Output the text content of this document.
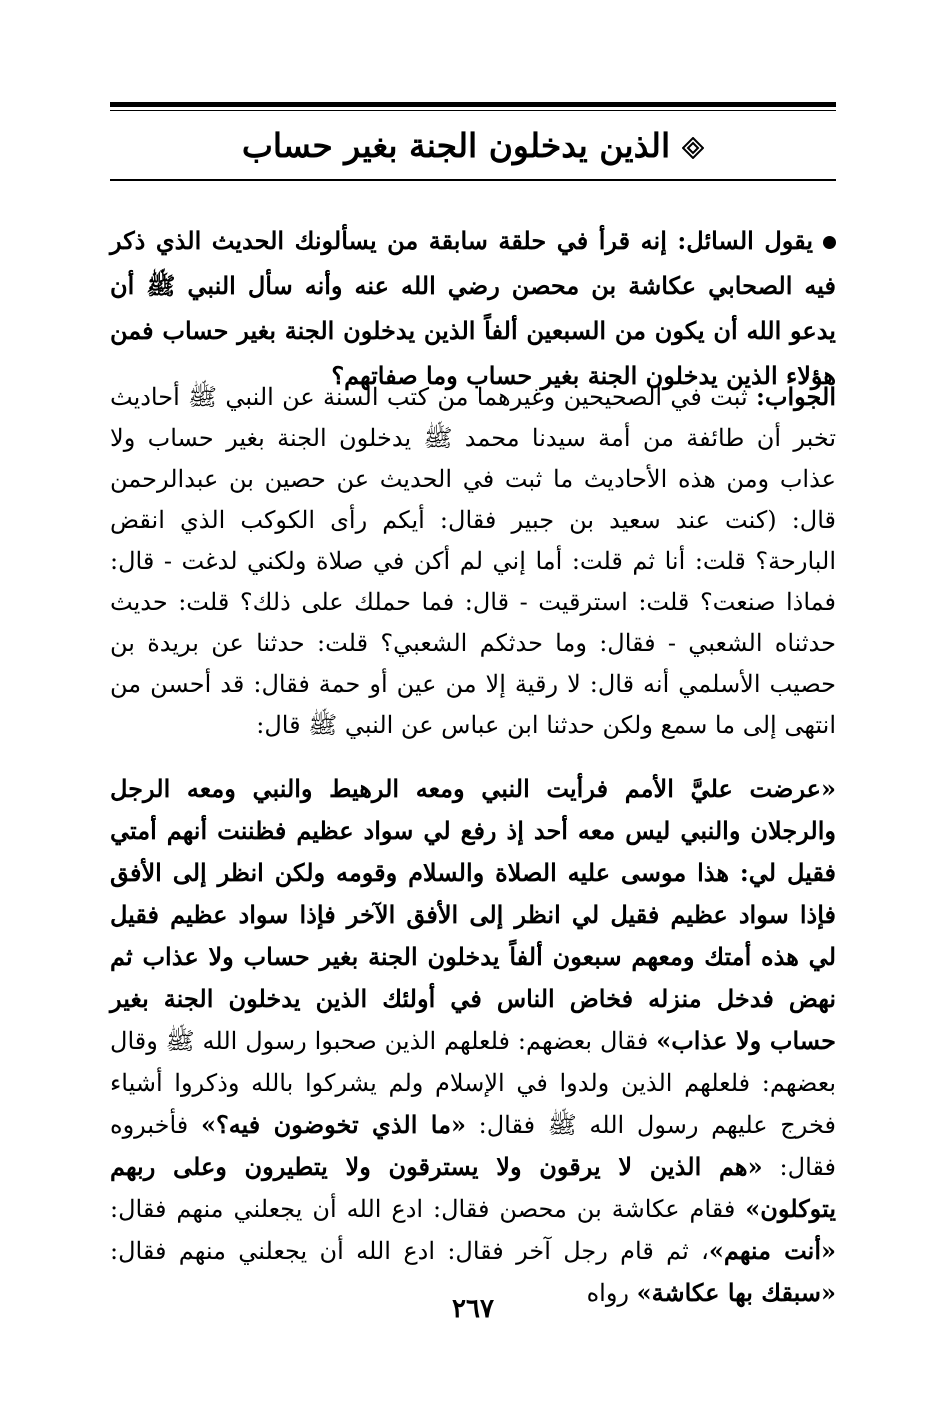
الذين يدخلون الجنة بغير حساب
يقول السائل: إنه قرأ في حلقة سابقة من يسألونك الحديث الذي ذكر فيه الصحابي عكاشة بن محصن رضي الله عنه وأنه سأل النبي ﷺ أن يدعو الله أن يكون من السبعين ألفاً الذين يدخلون الجنة بغير حساب فمن هؤلاء الذين يدخلون الجنة بغير حساب وما صفاتهم؟
الجواب: ثبت في الصحيحين وغيرهما من كتب السنة عن النبي ﷺ أحاديث تخبر أن طائفة من أمة سيدنا محمد ﷺ يدخلون الجنة بغير حساب ولا عذاب ومن هذه الأحاديث ما ثبت في الحديث عن حصين بن عبدالرحمن قال: (كنت عند سعيد بن جبير فقال: أيكم رأى الكوكب الذي انقض البارحة؟ قلت: أنا ثم قلت: أما إني لم أكن في صلاة ولكني لدغت - قال: فماذا صنعت؟ قلت: استرقيت - قال: فما حملك على ذلك؟ قلت: حديث حدثناه الشعبي - فقال: وما حدثكم الشعبي؟ قلت: حدثنا عن بريدة بن حصيب الأسلمي أنه قال: لا رقية إلا من عين أو حمة فقال: قد أحسن من انتهى إلى ما سمع ولكن حدثنا ابن عباس عن النبي ﷺ قال:
«عرضت عليَّ الأمم فرأيت النبي ومعه الرهيط والنبي ومعه الرجل والرجلان والنبي ليس معه أحد إذ رفع لي سواد عظيم فظننت أنهم أمتي فقيل لي: هذا موسى عليه الصلاة والسلام وقومه ولكن انظر إلى الأفق فإذا سواد عظيم فقيل لي انظر إلى الأفق الآخر فإذا سواد عظيم فقيل لي هذه أمتك ومعهم سبعون ألفاً يدخلون الجنة بغير حساب ولا عذاب ثم نهض فدخل منزله فخاض الناس في أولئك الذين يدخلون الجنة بغير حساب ولا عذاب» فقال بعضهم: فلعلهم الذين صحبوا رسول الله ﷺ وقال بعضهم: فلعلهم الذين ولدوا في الإسلام ولم يشركوا بالله وذكروا أشياء فخرج عليهم رسول الله ﷺ فقال: «ما الذي تخوضون فيه؟» فأخبروه فقال: «هم الذين لا يرقون ولا يسترقون ولا يتطيرون وعلى ربهم يتوكلون» فقام عكاشة بن محصن فقال: ادع الله أن يجعلني منهم فقال: «أنت منهم»، ثم قام رجل آخر فقال: ادع الله أن يجعلني منهم فقال: «سبقك بها عكاشة» رواه
٢٦٧
